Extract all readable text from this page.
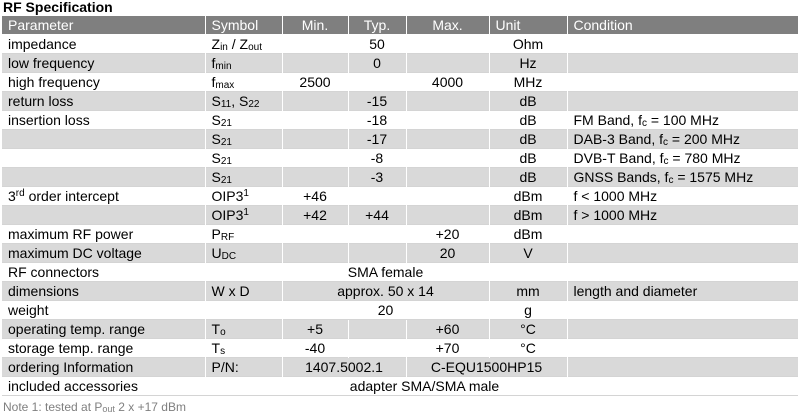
RF Specification
Parameter	Symbol	Min.	Typ.	Max.	Unit	Condition
impedance	$Z_{in} / Z_{out}$		50		Ohm	
low frequency	$f_{min}$		0		Hz	
high frequency	$f_{max}$	2500		4000	MHz	
return loss	$S_{11}$, $S_{22}$		-15		dB	
insertion loss	$S_{21}$		-18		dB	FM Band, $f_c = 100$ MHz
	$S_{21}$		-17		dB	DAB-3 Band, $f_c = 200$ MHz
	$S_{21}$		-8		dB	DVB-T Band, $f_c = 780$ MHz
	$S_{21}$		-3		dB	GNSS Bands, $f_c = 1575$ MHz
3rd order intercept	$OIP3^1$	+46			dBm	f < 1000 MHz
	$OIP3^1$	+42	+44		dBm	f > 1000 MHz
maximum RF power	$P_{RF}$			+20	dBm	
maximum DC voltage	$U_{DC}$			20	V	
RF connectors		SMA female				
dimensions	W x D	approx. 50 x 14			mm	length and diameter
weight		20			g	
operating temp. range	$T_o$	+5		+60	°C	
storage temp. range	$T_s$	-40		+70	°C	
ordering Information	P/N:	1407.5002.1		C-EQU1500HP15		
included accessories		adapter SMA/SMA male				
Note 1: tested at $P_{out}$ 2 x +17 dBm
